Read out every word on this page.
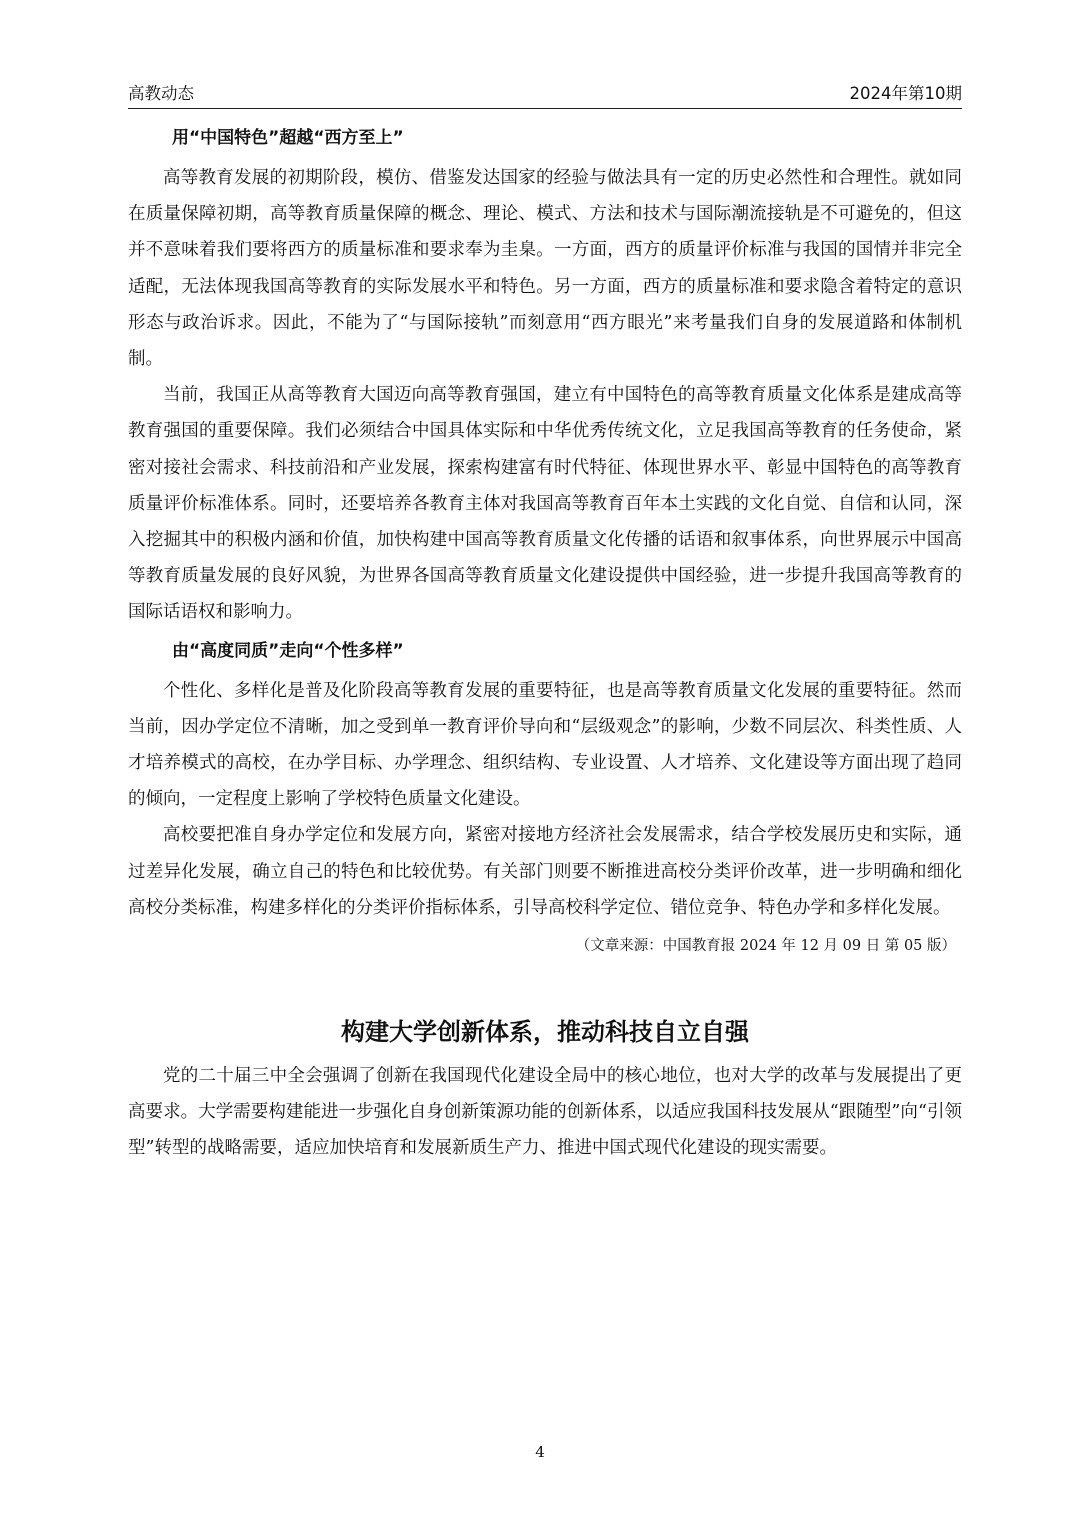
高教动态	2024年第10期
用“中国特色”超越“西方至上”

高等教育发展的初期阶段，模仿、借鉴发达国家的经验与做法具有一定的历史必然性和合理性。就如同在质量保障初期，高等教育质量保障的概念、理论、模式、方法和技术与国际潮流接轨是不可避免的，但这并不意味着我们要将西方的质量标准和要求奉为圭臬。一方面，西方的质量评价标准与我国的国情并非完全适配，无法体现我国高等教育的实际发展水平和特色。另一方面，西方的质量标准和要求隐含着特定的意识形态与政治诉求。因此，不能为了“与国际接轨”而刻意用“西方眼光”来考量我们自身的发展道路和体制机制。

当前，我国正从高等教育大国迈向高等教育强国，建立有中国特色的高等教育质量文化体系是建成高等教育强国的重要保障。我们必须结合中国具体实际和中华优秀传统文化，立足我国高等教育的任务使命，紧密对接社会需求、科技前沿和产业发展，探索构建富有时代特征、体现世界水平、彰显中国特色的高等教育质量评价标准体系。同时，还要培养各教育主体对我国高等教育百年本土实践的文化自觉、自信和认同，深入挖掘其中的积极内涵和价值，加快构建中国高等教育质量文化传播的话语和叙事体系，向世界展示中国高等教育质量发展的良好风貌，为世界各国高等教育质量文化建设提供中国经验，进一步提升我国高等教育的国际话语权和影响力。

由“高度同质”走向“个性多样”

个性化、多样化是普及化阶段高等教育发展的重要特征，也是高等教育质量文化发展的重要特征。然而当前，因办学定位不清晰，加之受到单一教育评价导向和“层级观念”的影响，少数不同层次、科类性质、人才培养模式的高校，在办学目标、办学理念、组织结构、专业设置、人才培养、文化建设等方面出现了趋同的倾向，一定程度上影响了学校特色质量文化建设。

高校要把准自身办学定位和发展方向，紧密对接地方经济社会发展需求，结合学校发展历史和实际，通过差异化发展，确立自己的特色和比较优势。有关部门则要不断推进高校分类评价改革，进一步明确和细化高校分类标准，构建多样化的分类评价指标体系，引导高校科学定位、错位竞争、特色办学和多样化发展。

（文章来源：中国教育报 2024 年 12 月 09 日 第 05 版）

构建大学创新体系，推动科技自立自强

党的二十届三中全会强调了创新在我国现代化建设全局中的核心地位，也对大学的改革与发展提出了更高要求。大学需要构建能进一步强化自身创新策源功能的创新体系，以适应我国科技发展从“跟随型”向“引领型”转型的战略需要，适应加快培育和发展新质生产力、推进中国式现代化建设的现实需要。

4
